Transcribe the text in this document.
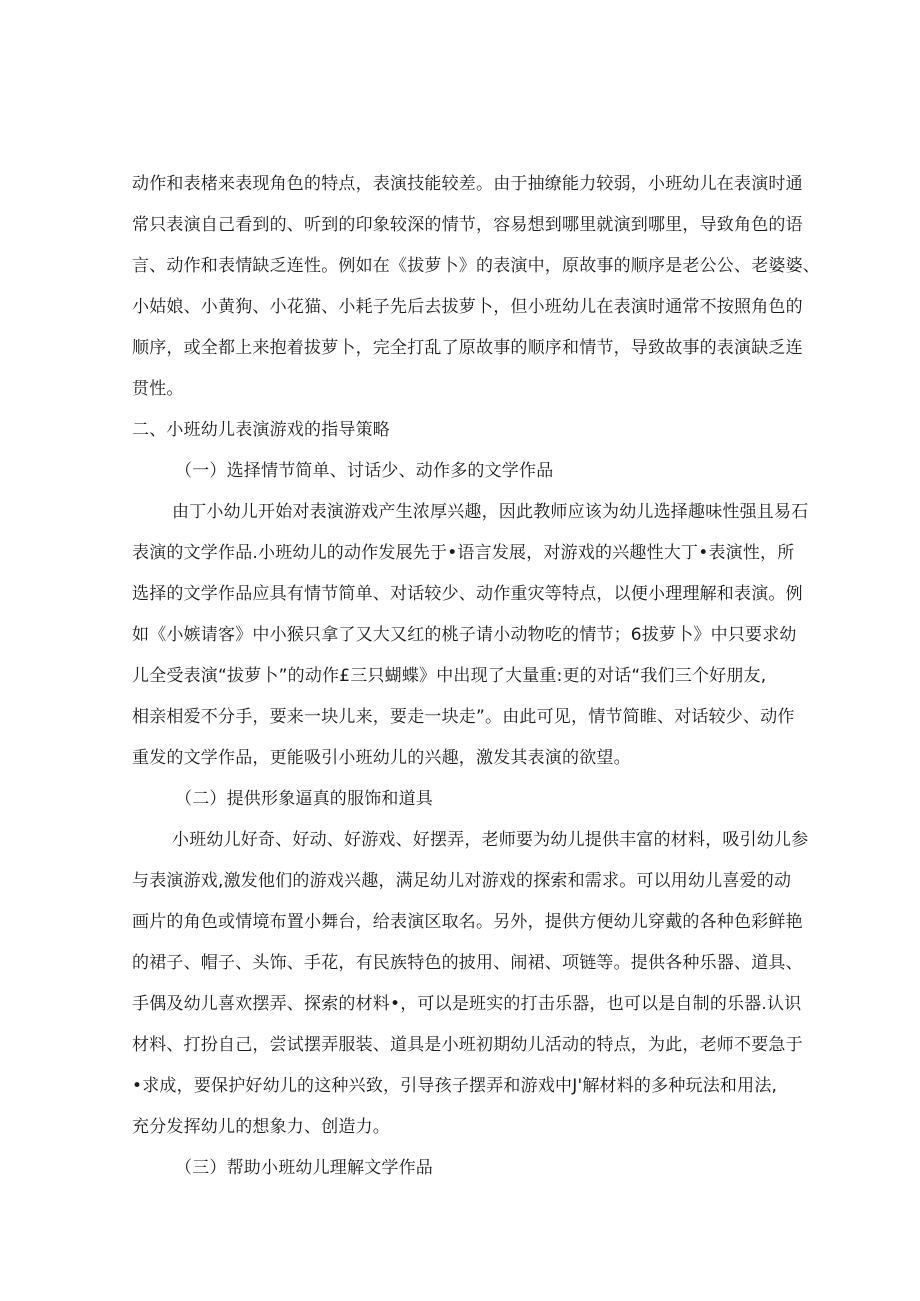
动作和表楮来表现角色的特点，表演技能较差。由于抽缭能力较弱，小班幼儿在表演时通
常只表演自己看到的、听到的印象较深的情节，容易想到哪里就演到哪里，导致角色的语
言、动作和表情缺乏连性。例如在《拔萝卜》的表演中，原故事的顺序是老公公、老婆婆、
小姑娘、小黄狗、小花猫、小耗子先后去拔萝卜，但小班幼儿在表演时通常不按照角色的
顺序，或全都上来抱着拔萝卜，完全打乱了原故事的顺序和情节，导致故事的表演缺乏连
贯性。
二、小班幼儿表演游戏的指导策略
（一）选择情节简单、讨话少、动作多的文学作品
由丁小幼儿开始对表演游戏产生浓厚兴趣，因此教师应该为幼儿选择趣味性强且易石
表演的文学作品.小班幼儿的动作发展先于•语言发展，对游戏的兴趣性大丁•表演性，所
选择的文学作品应具有情节简单、对话较少、动作重灾等特点，以便小理理解和表演。例
如《小嫉请客》中小猴只拿了又大又红的桃子请小动物吃的情节；6拔萝卜》中只要求幼
儿全受表演“拔萝卜”的动作£三只蝴蝶》中出现了大量重:更的对话“我们三个好朋友,
相亲相爱不分手，要来一块儿来，要走一块走”。由此可见，情节简睢、对话较少、动作
重发的文学作品，更能吸引小班幼儿的兴趣，激发其表演的欲望。
（二）提供形象逼真的服饰和道具
小班幼儿好奇、好动、好游戏、好摆弄，老师要为幼儿提供丰富的材料，吸引幼儿参
与表演游戏,激发他们的游戏兴趣，满足幼儿对游戏的探索和需求。可以用幼儿喜爱的动
画片的角色或情境布置小舞台，给表演区取名。另外，提供方便幼儿穿戴的各种色彩鲜艳
的裙子、帽子、头饰、手花，有民族特色的披用、闹裙、项链等。提供各种乐器、道具、
手偶及幼儿喜欢摆弄、探索的材料•，可以是班实的打击乐器，也可以是自制的乐器.认识
材料、打扮自己，尝试摆弄服装、道具是小班初期幼儿活动的特点，为此，老师不要急于
•求成，要保护好幼儿的这种兴致，引导孩子摆弄和游戏中J'解材料的多种玩法和用法,
充分发挥幼儿的想象力、创造力。
（三）帮助小班幼儿理解文学作品
